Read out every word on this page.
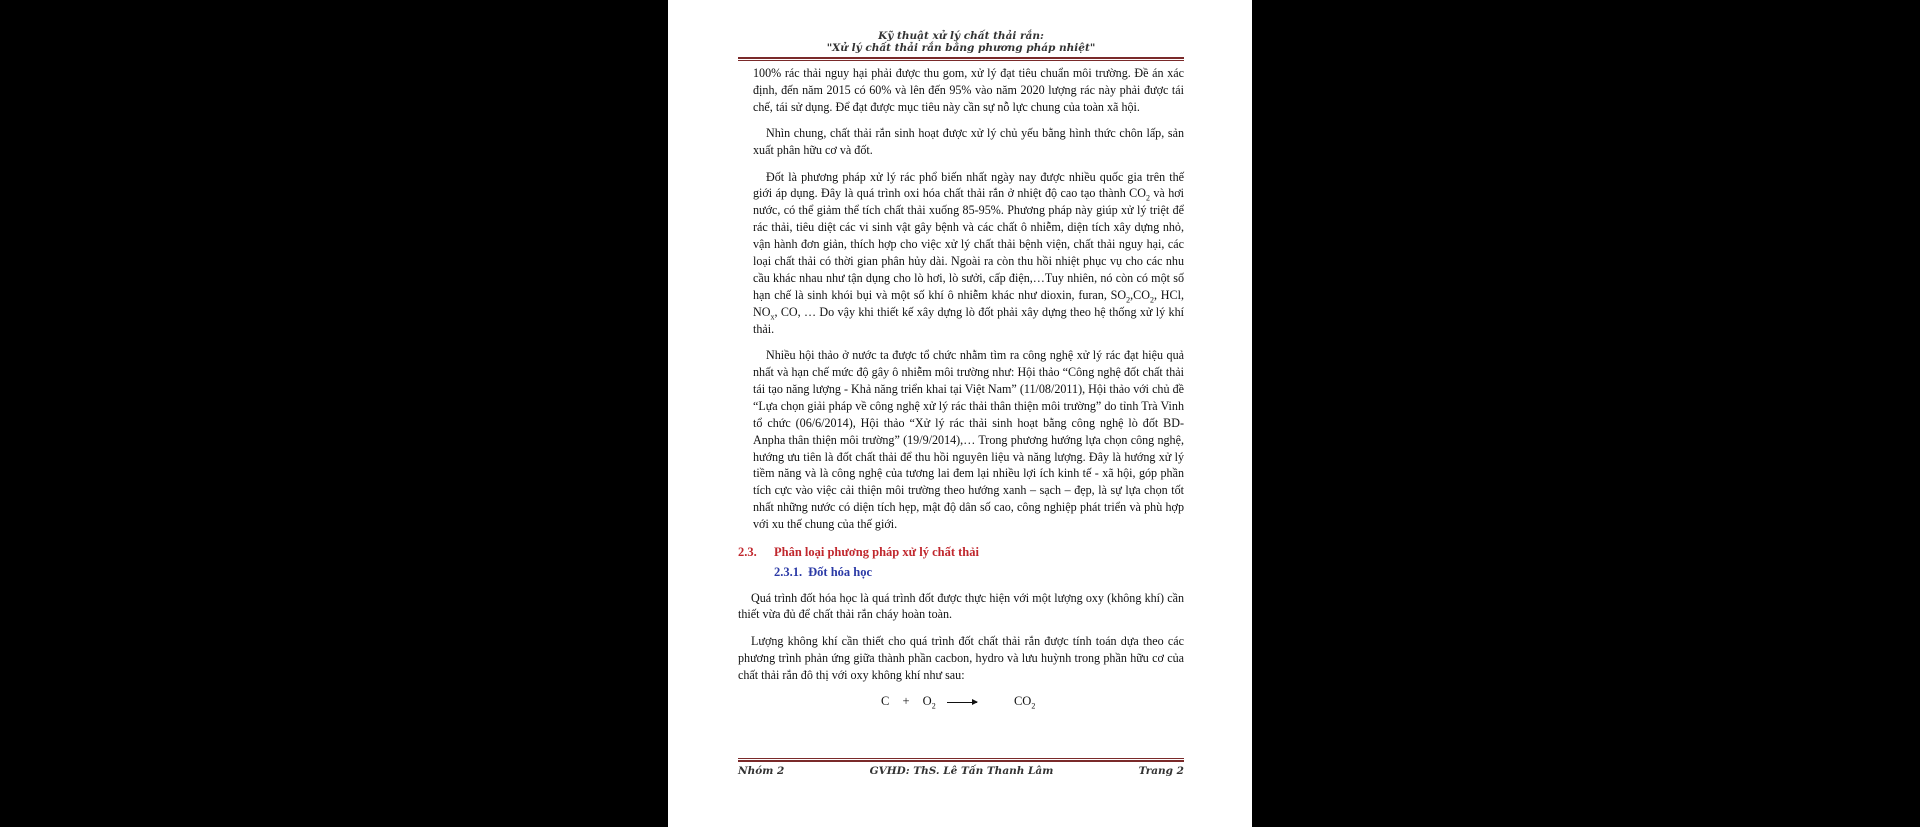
Kỹ thuật xử lý chất thải rắn:
"Xử lý chất thải rắn bằng phương pháp nhiệt"

100% rác thải nguy hại phải được thu gom, xử lý đạt tiêu chuẩn môi trường. Đề án xác định, đến năm 2015 có 60% và lên đến 95% vào năm 2020 lượng rác này phải được tái chế, tái sử dụng. Để đạt được mục tiêu này cần sự nỗ lực chung của toàn xã hội.

Nhìn chung, chất thải rắn sinh hoạt được xử lý chủ yếu bằng hình thức chôn lấp, sản xuất phân hữu cơ và đốt.

Đốt là phương pháp xử lý rác phổ biến nhất ngày nay được nhiều quốc gia trên thế giới áp dụng. Đây là quá trình oxi hóa chất thải rắn ở nhiệt độ cao tạo thành $CO_2$ và hơi nước, có thể giảm thể tích chất thải xuống 85-95%. Phương pháp này giúp xử lý triệt để rác thải, tiêu diệt các vi sinh vật gây bệnh và các chất ô nhiễm, diện tích xây dựng nhỏ, vận hành đơn giản, thích hợp cho việc xử lý chất thải bệnh viện, chất thải nguy hại, các loại chất thải có thời gian phân hủy dài. Ngoài ra còn thu hồi nhiệt phục vụ cho các nhu cầu khác nhau như tận dụng cho lò hơi, lò sưởi, cấp điện,…Tuy nhiên, nó còn có một số hạn chế là sinh khói bụi và một số khí ô nhiễm khác như dioxin, furan, $SO_2,CO_2$, HCl, $NO_x$, CO, … Do vậy khi thiết kế xây dựng lò đốt phải xây dựng theo hệ thống xử lý khí thải.

Nhiều hội thảo ở nước ta được tổ chức nhằm tìm ra công nghệ xử lý rác đạt hiệu quả nhất và hạn chế mức độ gây ô nhiễm môi trường như: Hội thảo “Công nghệ đốt chất thải tái tạo năng lượng - Khả năng triển khai tại Việt Nam” (11/08/2011), Hội thảo với chủ đề “Lựa chọn giải pháp về công nghệ xử lý rác thải thân thiện môi trường” do tỉnh Trà Vinh tổ chức (06/6/2014), Hội thảo “Xử lý rác thải sinh hoạt bằng công nghệ lò đốt BD-Anpha thân thiện môi trường” (19/9/2014),… Trong phương hướng lựa chọn công nghệ, hướng ưu tiên là đốt chất thải để thu hồi nguyên liệu và năng lượng. Đây là hướng xử lý tiềm năng và là công nghệ của tương lai đem lại nhiều lợi ích kinh tế - xã hội, góp phần tích cực vào việc cải thiện môi trường theo hướng xanh – sạch – đẹp, là sự lựa chọn tốt nhất những nước có diện tích hẹp, mật độ dân số cao, công nghiệp phát triển và phù hợp với xu thế chung của thế giới.

2.3. Phân loại phương pháp xử lý chất thải
2.3.1. Đốt hóa học

Quá trình đốt hóa học là quá trình đốt được thực hiện với một lượng oxy (không khí) cần thiết vừa đủ để chất thải rắn cháy hoàn toàn.

Lượng không khí cần thiết cho quá trình đốt chất thải rắn được tính toán dựa theo các phương trình phản ứng giữa thành phần cacbon, hydro và lưu huỳnh trong phần hữu cơ của chất thải rắn đô thị với oxy không khí như sau:

$C + O_2$ →	$CO_2$
Nhóm 2	GVHD: ThS. Lê Tấn Thanh Lâm	Trang 2
